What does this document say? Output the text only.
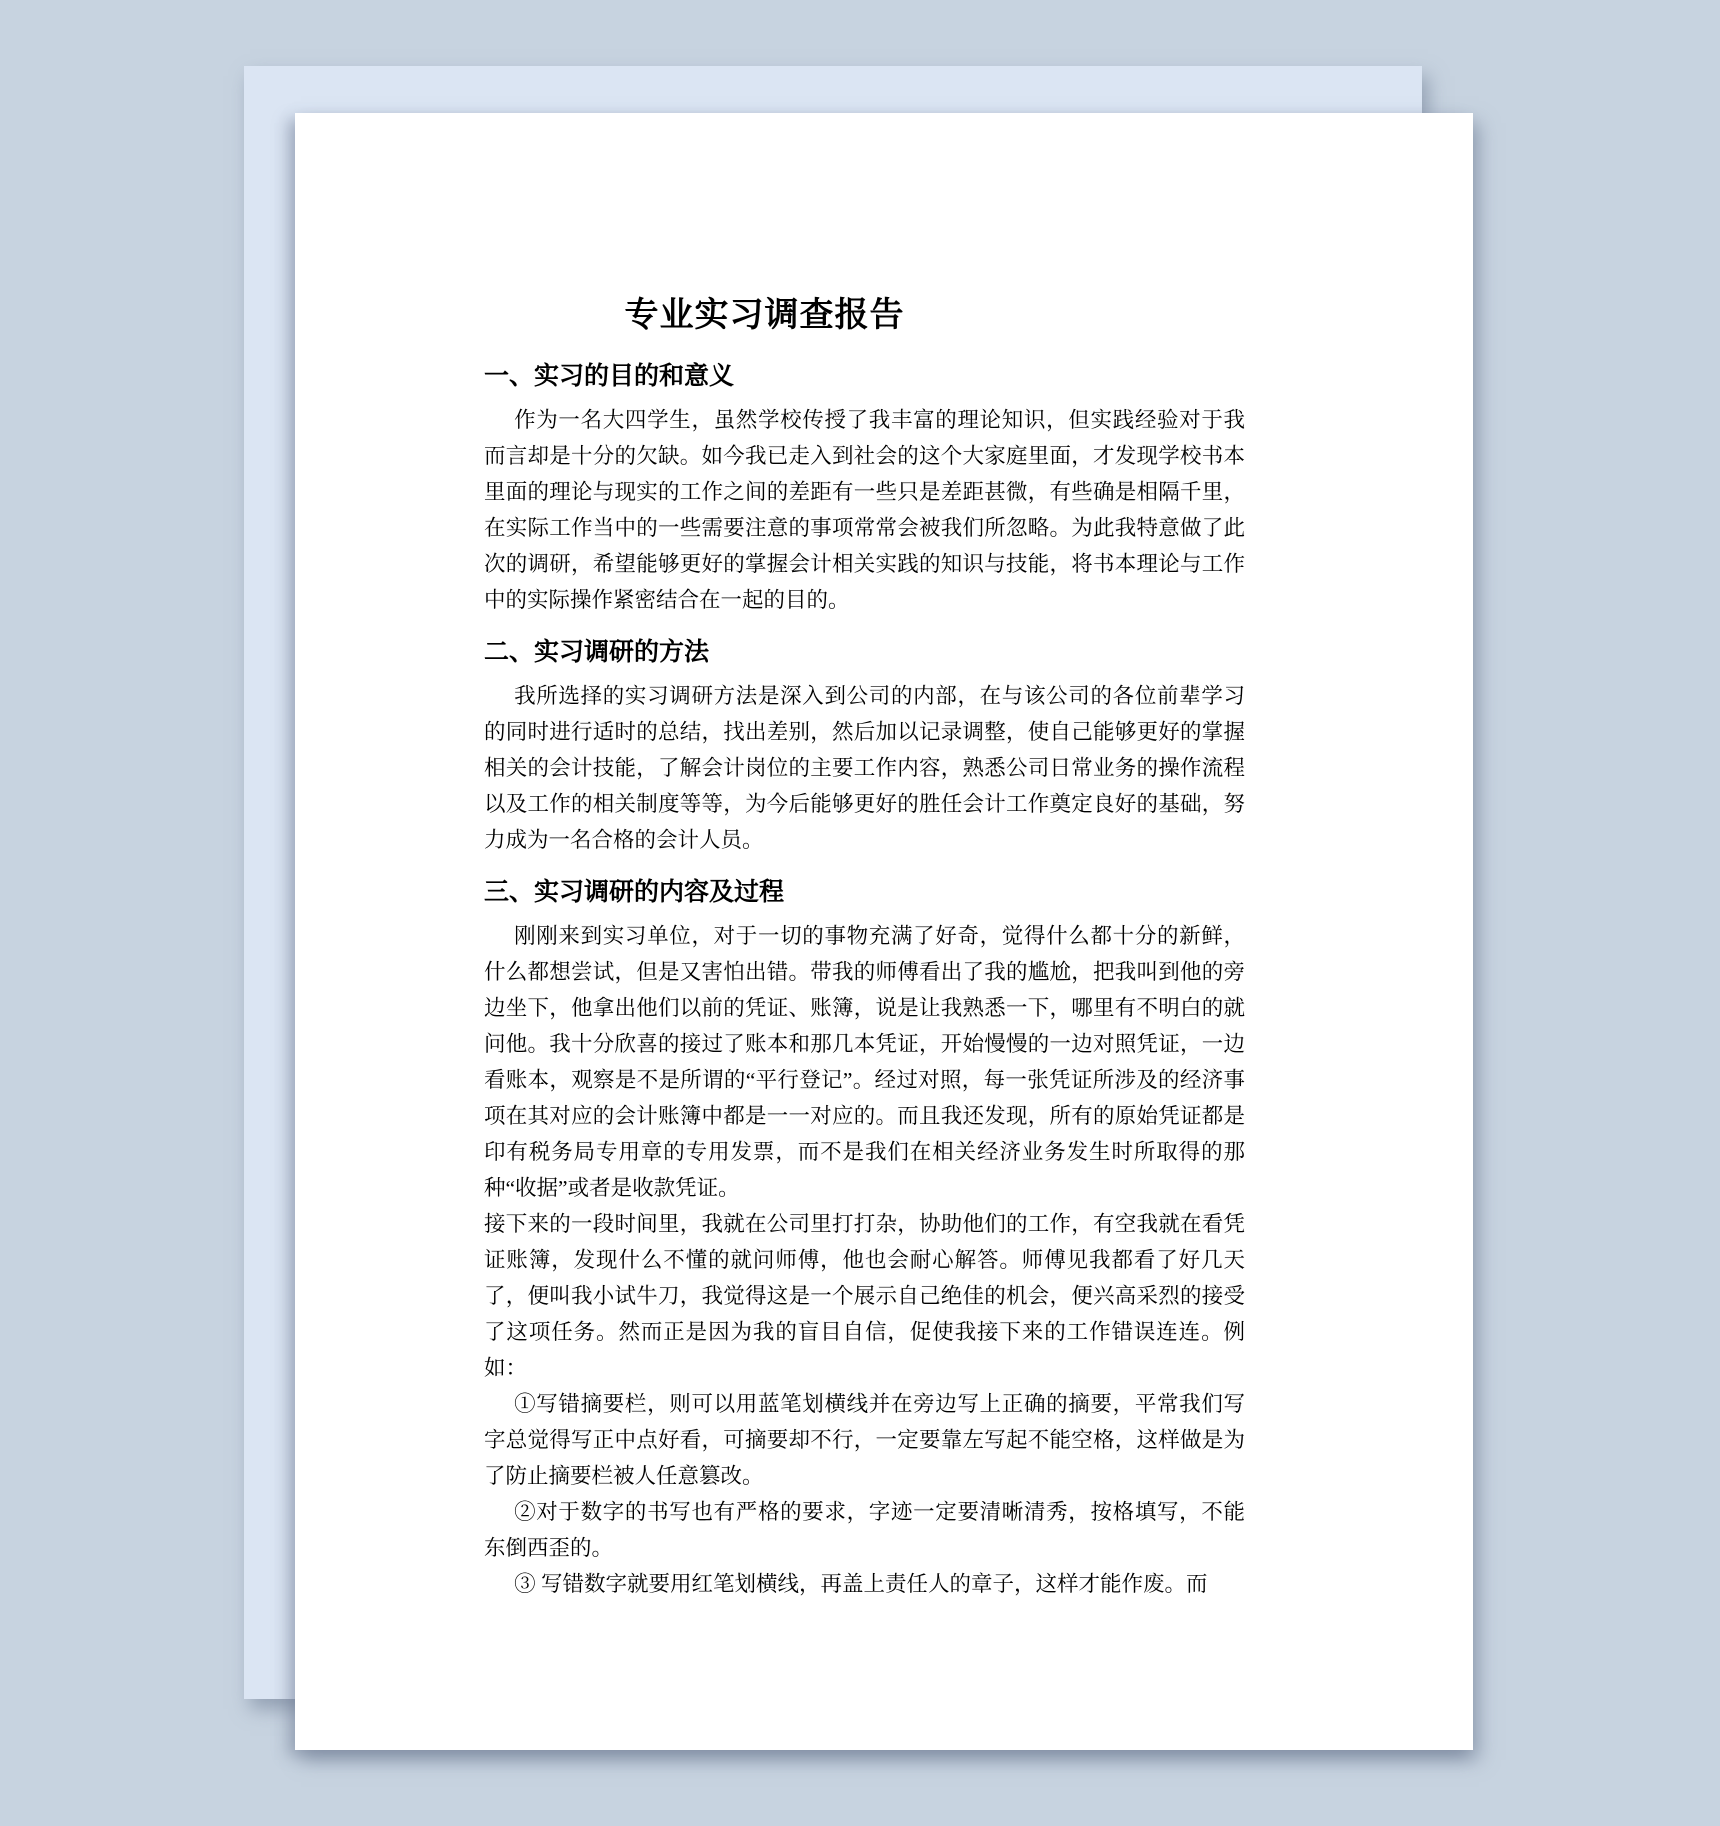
专业实习调查报告
一、实习的目的和意义

作为一名大四学生，虽然学校传授了我丰富的理论知识，但实践经验对于我而言却是十分的欠缺。如今我已走入到社会的这个大家庭里面，才发现学校书本里面的理论与现实的工作之间的差距有一些只是差距甚微，有些确是相隔千里，在实际工作当中的一些需要注意的事项常常会被我们所忽略。为此我特意做了此次的调研，希望能够更好的掌握会计相关实践的知识与技能，将书本理论与工作中的实际操作紧密结合在一起的目的。

二、实习调研的方法

我所选择的实习调研方法是深入到公司的内部，在与该公司的各位前辈学习的同时进行适时的总结，找出差别，然后加以记录调整，使自己能够更好的掌握相关的会计技能，了解会计岗位的主要工作内容，熟悉公司日常业务的操作流程以及工作的相关制度等等，为今后能够更好的胜任会计工作奠定良好的基础，努力成为一名合格的会计人员。

三、实习调研的内容及过程

刚刚来到实习单位，对于一切的事物充满了好奇，觉得什么都十分的新鲜，什么都想尝试，但是又害怕出错。带我的师傅看出了我的尴尬，把我叫到他的旁边坐下，他拿出他们以前的凭证、账簿，说是让我熟悉一下，哪里有不明白的就问他。我十分欣喜的接过了账本和那几本凭证，开始慢慢的一边对照凭证，一边看账本，观察是不是所谓的“平行登记”。经过对照，每一张凭证所涉及的经济事项在其对应的会计账簿中都是一一对应的。而且我还发现，所有的原始凭证都是印有税务局专用章的专用发票，而不是我们在相关经济业务发生时所取得的那种“收据”或者是收款凭证。

接下来的一段时间里，我就在公司里打打杂，协助他们的工作，有空我就在看凭证账簿，发现什么不懂的就问师傅，他也会耐心解答。师傅见我都看了好几天了，便叫我小试牛刀，我觉得这是一个展示自己绝佳的机会，便兴高采烈的接受了这项任务。然而正是因为我的盲目自信，促使我接下来的工作错误连连。例如：

①写错摘要栏，则可以用蓝笔划横线并在旁边写上正确的摘要，平常我们写字总觉得写正中点好看，可摘要却不行，一定要靠左写起不能空格，这样做是为了防止摘要栏被人任意篡改。

②对于数字的书写也有严格的要求，字迹一定要清晰清秀，按格填写，不能东倒西歪的。

③ 写错数字就要用红笔划横线，再盖上责任人的章子，这样才能作废。而
